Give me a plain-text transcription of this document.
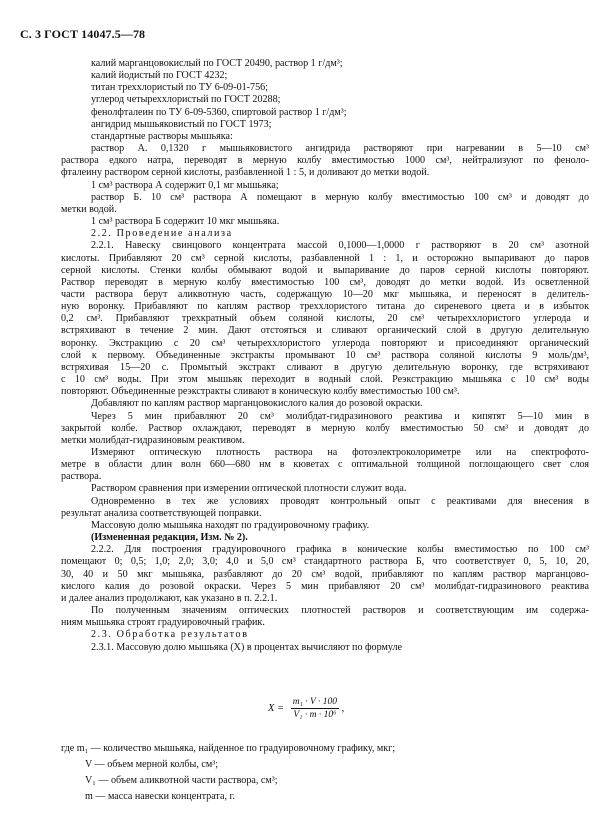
С. 3 ГОСТ 14047.5—78
калий марганцовокислый по ГОСТ 20490, раствор 1 г/дм³;
калий йодистый по ГОСТ 4232;
титан треххлористый по ТУ 6-09-01-756;
углерод четыреххлористый по ГОСТ 20288;
фенолфталеин по ТУ 6-09-5360, спиртовой раствор 1 г/дм³;
ангидрид мышьяковистый по ГОСТ 1973;
стандартные растворы мышьяка:
раствор А. 0,1320 г мышьяковистого ангидрида растворяют при нагревании в 5—10 см³
раствора едкого натра, переводят в мерную колбу вместимостью 1000 см³, нейтрализуют по феноло-
фталеину раствором серной кислоты, разбавленной 1 : 5, и доливают до метки водой.
1 см³ раствора А содержит 0,1 мг мышьяка;
раствор Б. 10 см³ раствора А помещают в мерную колбу вместимостью 100 см³ и доводят до
метки водой.
1 см³ раствора Б содержит 10 мкг мышьяка.
2.2. Проведение анализа
2.2.1. Навеску свинцового концентрата массой 0,1000—1,0000 г растворяют в 20 см³ азотной
кислоты. Прибавляют 20 см³ серной кислоты, разбавленной 1 : 1, и осторожно выпаривают до паров
серной кислоты. Стенки колбы обмывают водой и выпаривание до паров серной кислоты повторяют.
Раствор переводят в мерную колбу вместимостью 100 см³, доводят до метки водой. Из осветленной
части раствора берут аликвотную часть, содержащую 10—20 мкг мышьяка, и переносят в делитель-
ную воронку. Прибавляют по каплям раствор треххлористого титана до сиреневого цвета и в избыток
0,2 см³. Прибавляют трехкратный объем соляной кислоты, 20 см³ четыреххлористого углерода и
встряхивают в течение 2 мин. Дают отстояться и сливают органический слой в другую делительную
воронку. Экстракцию с 20 см³ четыреххлористого углерода повторяют и присоединяют органический
слой к первому. Объединенные экстракты промывают 10 см³ раствора соляной кислоты 9 моль/дм³,
встряхивая 15—20 с. Промытый экстракт сливают в другую делительную воронку, где встряхивают
с 10 см³ воды. При этом мышьяк переходит в водный слой. Реэкстракцию мышьяка с 10 см³ воды
повторяют. Объединенные реэкстракты сливают в коническую колбу вместимостью 100 см³.
Добавляют по каплям раствор марганцовокислого калия до розовой окраски.
Через 5 мин прибавляют 20 см³ молибдат-гидразинового реактива и кипятят 5—10 мин в
закрытой колбе. Раствор охлаждают, переводят в мерную колбу вместимостью 50 см³ и доводят до
метки молибдат-гидразиновым реактивом.
Измеряют оптическую плотность раствора на фотоэлектроколориметре или на спектрофото-
метре в области длин волн 660—680 нм в кюветах с оптимальной толщиной поглощающего свет слоя
раствора.
Раствором сравнения при измерении оптической плотности служит вода.
Одновременно в тех же условиях проводят контрольный опыт с реактивами для внесения в
результат анализа соответствующей поправки.
Массовую долю мышьяка находят по градуировочному графику.
(Измененная редакция, Изм. № 2).
2.2.2. Для построения градуировочного графика в конические колбы вместимостью по 100 см³
помещают 0; 0,5; 1,0; 2,0; 3,0; 4,0 и 5,0 см³ стандартного раствора Б, что соответствует 0, 5, 10, 20,
30, 40 и 50 мкг мышьяка, разбавляют до 20 см³ водой, прибавляют по каплям раствор марганцово-
кислого калия до розовой окраски. Через 5 мин прибавляют 20 см³ молибдат-гидразинового реактива
и далее анализ продолжают, как указано в п. 2.2.1.
По полученным значениям оптических плотностей растворов и соответствующим им содержа-
ниям мышьяка строят градуировочный график.
2.3. Обработка результатов
2.3.1. Массовую долю мышьяка (X) в процентах вычисляют по формуле
$X = \frac{\text{m₁ · V · 100}}{\text{V₁ · m · 10⁶}}$ ,
где m₁ — количество мышьяка, найденное по градуировочному графику, мкг;
V — объем мерной колбы, см³;
V₁ — объем аликвотной части раствора, см³;
m — масса навески концентрата, г.
